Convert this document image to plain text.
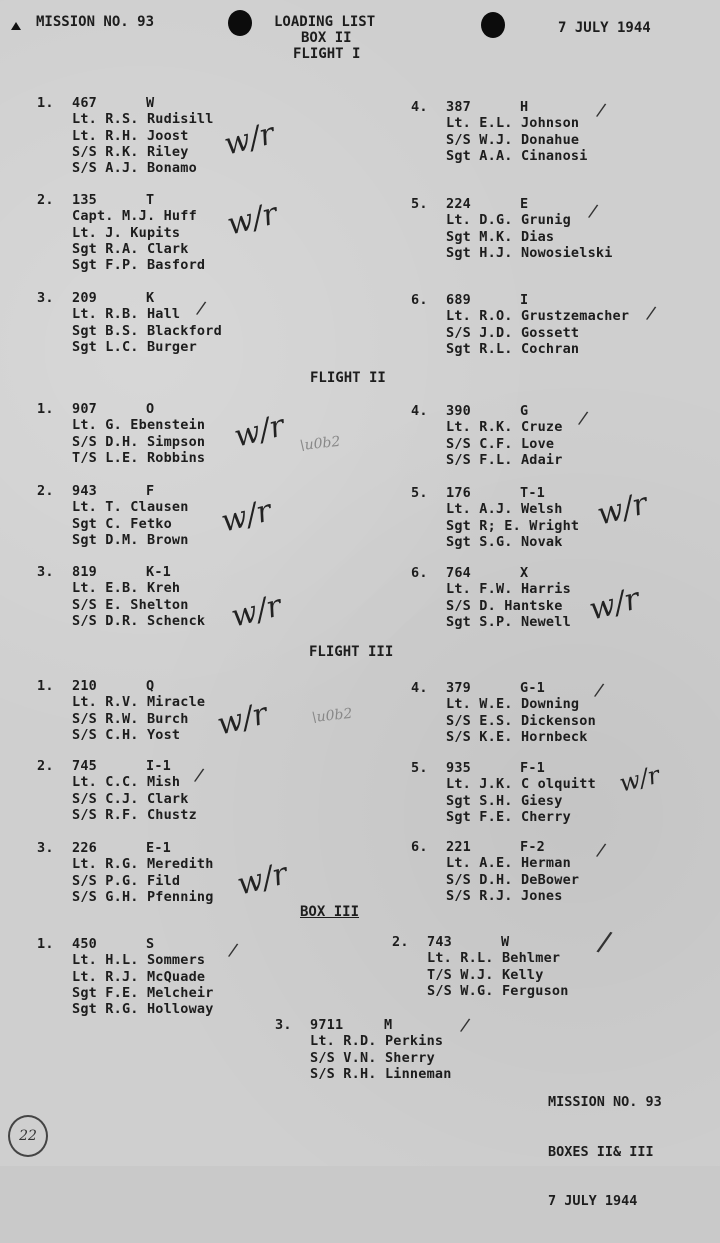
MISSION NO. 93	LOADING LIST
BOX II
FLIGHT I
7 JULY 1944
FLIGHT II
FLIGHT III
BOX III
1. 467	W
Lt. R.S. Rudisill
Lt. R.H. Joost
S/S R.K. Riley
S/S A.J. Bonamo
4. 387	H
Lt. E.L. Johnson
S/S W.J. Donahue
Sgt A.A. Cinanosi
2. 135	T
Capt. M.J. Huff
Lt. J. Kupits
Sgt R.A. Clark
Sgt F.P. Basford
5. 224	E
Lt. D.G. Grunig
Sgt M.K. Dias
Sgt H.J. Nowosielski
3. 209	K
Lt. R.B. Hall
Sgt B.S. Blackford
Sgt L.C. Burger
6. 689	I
Lt. R.O. Grustzemacher
S/S J.D. Gossett
Sgt R.L. Cochran
1. 907	O
Lt. G. Ebenstein
S/S D.H. Simpson
T/S L.E. Robbins
4. 390	G
Lt. R.K. Cruze
S/S C.F. Love
S/S F.L. Adair
2. 943	F
Lt. T. Clausen
Sgt C. Fetko
Sgt D.M. Brown
5. 176	T-1
Lt. A.J. Welsh
Sgt R; E. Wright
Sgt S.G. Novak
3. 819	K-1
Lt. E.B. Kreh
S/S E. Shelton
S/S D.R. Schenck
6. 764	X
Lt. F.W. Harris
S/S D. Hantske
Sgt S.P. Newell
1. 210	Q
Lt. R.V. Miracle
S/S R.W. Burch
S/S C.H. Yost
4. 379	G-1
Lt. W.E. Downing
S/S E.S. Dickenson
S/S K.E. Hornbeck
2. 745	I-1
Lt. C.C. Mish
S/S C.J. Clark
S/S R.F. Chustz
5. 935	F-1
Lt. J.K. C olquitt
Sgt S.H. Giesy
Sgt F.E. Cherry
3. 226	E-1
Lt. R.G. Meredith
S/S P.G. Fild
S/S G.H. Pfenning
6. 221	F-2
Lt. A.E. Herman
S/S D.H. DeBower
S/S R.J. Jones
1. 450	S
Lt. H.L. Sommers
Lt. R.J. McQuade
Sgt F.E. Melcheir
Sgt R.G. Holloway
2. 743	W
Lt. R.L. Behlmer
T/S W.J. Kelly
S/S W.G. Ferguson
3. 9711	M
Lt. R.D. Perkins
S/S V.N. Sherry
S/S R.H. Linneman
w/r
w/r
w/r
w/r	w/r
w/r	w/r
w/r
w/r
w/r
\u0b2
\u0b2
/
/
/	/
/
/
/
/
/	/
/

MISSION NO. 93

BOXES II& III

7 JULY 1944

22
